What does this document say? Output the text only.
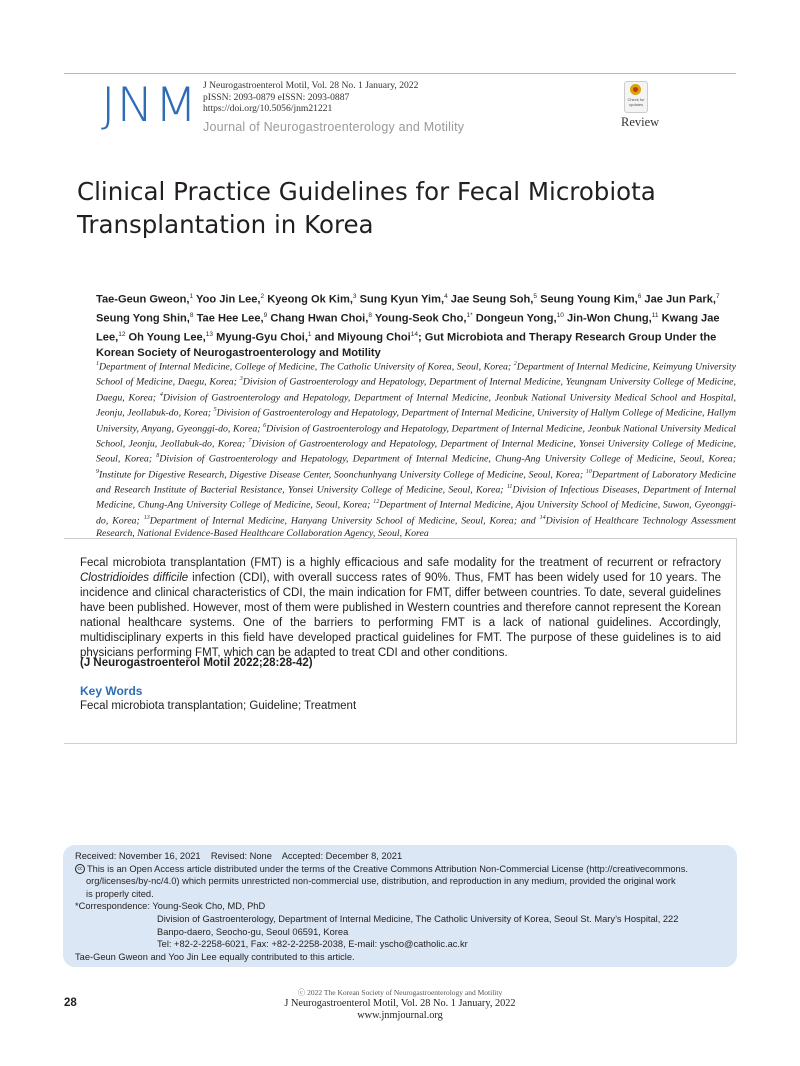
JNM J Neurogastroenterol Motil, Vol. 28 No. 1 January, 2022
pISSN: 2093-0879 eISSN: 2093-0887
https://doi.org/10.5056/jnm21221
Journal of Neurogastroenterology and Motility
Check for updates
Review
Clinical Practice Guidelines for Fecal Microbiota
Transplantation in Korea
Tae-Geun Gweon,$^1$ Yoo Jin Lee,$^2$ Kyeong Ok Kim,$^3$ Sung Kyun Yim,$^4$ Jae Seung Soh,$^5$ Seung Young Kim,$^6$ Jae Jun Park,$^7$ Seung Yong Shin,$^8$ Tae Hee Lee,$^9$ Chang Hwan Choi,$^8$ Young-Seok Cho,$^{1*}$ Dongeun Yong,$^{10}$ Jin-Won Chung,$^{11}$ Kwang Jae Lee,$^{12}$ Oh Young Lee,$^{13}$ Myung-Gyu Choi,$^1$ and Miyoung Choi$^{14}$; Gut Microbiota and Therapy Research Group Under the Korean Society of Neurogastroenterology and Motility
$^1$Department of Internal Medicine, College of Medicine, The Catholic University of Korea, Seoul, Korea; $^2$Department of Internal Medicine, Keimyung University School of Medicine, Daegu, Korea; $^3$Division of Gastroenterology and Hepatology, Department of Internal Medicine, Yeungnam University College of Medicine, Daegu, Korea; $^4$Division of Gastroenterology and Hepatology, Department of Internal Medicine, Jeonbuk National University Medical School and Hospital, Jeonju, Jeollabuk-do, Korea; $^5$Division of Gastroenterology and Hepatology, Department of Internal Medicine, University of Hallym College of Medicine, Hallym University, Anyang, Gyeonggi-do, Korea; $^6$Division of Gastroenterology and Hepatology, Department of Internal Medicine, Jeonbuk National University Medical School, Jeonju, Jeollabuk-do, Korea; $^7$Division of Gastroenterology and Hepatology, Department of Internal Medicine, Yonsei University College of Medicine, Seoul, Korea; $^8$Division of Gastroenterology and Hepatology, Department of Internal Medicine, Chung-Ang University College of Medicine, Seoul, Korea; $^9$Institute for Digestive Research, Digestive Disease Center, Soonchunhyang University College of Medicine, Seoul, Korea; $^{10}$Department of Laboratory Medicine and Research Institute of Bacterial Resistance, Yonsei University College of Medicine, Seoul, Korea; $^{11}$Division of Infectious Diseases, Department of Internal Medicine, Chung-Ang University College of Medicine, Seoul, Korea; $^{12}$Department of Internal Medicine, Ajou University School of Medicine, Suwon, Gyeonggi-do, Korea; $^{13}$Department of Internal Medicine, Hanyang University School of Medicine, Seoul, Korea; and $^{14}$Division of Healthcare Technology Assessment Research, National Evidence-Based Healthcare Collaboration Agency, Seoul, Korea
Fecal microbiota transplantation (FMT) is a highly efficacious and safe modality for the treatment of recurrent or refractory Clostridioides difficile infection (CDI), with overall success rates of 90%. Thus, FMT has been widely used for 10 years. The incidence and clinical characteristics of CDI, the main indication for FMT, differ between countries. To date, several guidelines have been published. However, most of them were published in Western countries and therefore cannot represent the Korean national healthcare systems. One of the barriers to performing FMT is a lack of national guidelines. Accordingly, multidisciplinary experts in this field have developed practical guidelines for FMT. The purpose of these guidelines is to aid physicians performing FMT, which can be adapted to treat CDI and other conditions.
(J Neurogastroenterol Motil 2022;28:28-42)
Key Words
Fecal microbiota transplantation; Guideline; Treatment
Received: November 16, 2021    Revised: None    Accepted: December 8, 2021
cc This is an Open Access article distributed under the terms of the Creative Commons Attribution Non-Commercial License (http://creativecommons.
org/licenses/by-nc/4.0) which permits unrestricted non-commercial use, distribution, and reproduction in any medium, provided the original work
is properly cited.
*Correspondence: Young-Seok Cho, MD, PhD
Division of Gastroenterology, Department of Internal Medicine, The Catholic University of Korea, Seoul St. Mary’s Hospital, 222
Banpo-daero, Seocho-gu, Seoul 06591, Korea
Tel: +82-2-2258-6021, Fax: +82-2-2258-2038, E-mail: yscho@catholic.ac.kr
Tae-Geun Gweon and Yoo Jin Lee equally contributed to this article.
28
ⓒ 2022 The Korean Society of Neurogastroenterology and Motility
J Neurogastroenterol Motil, Vol. 28 No. 1 January, 2022
www.jnmjournal.org
